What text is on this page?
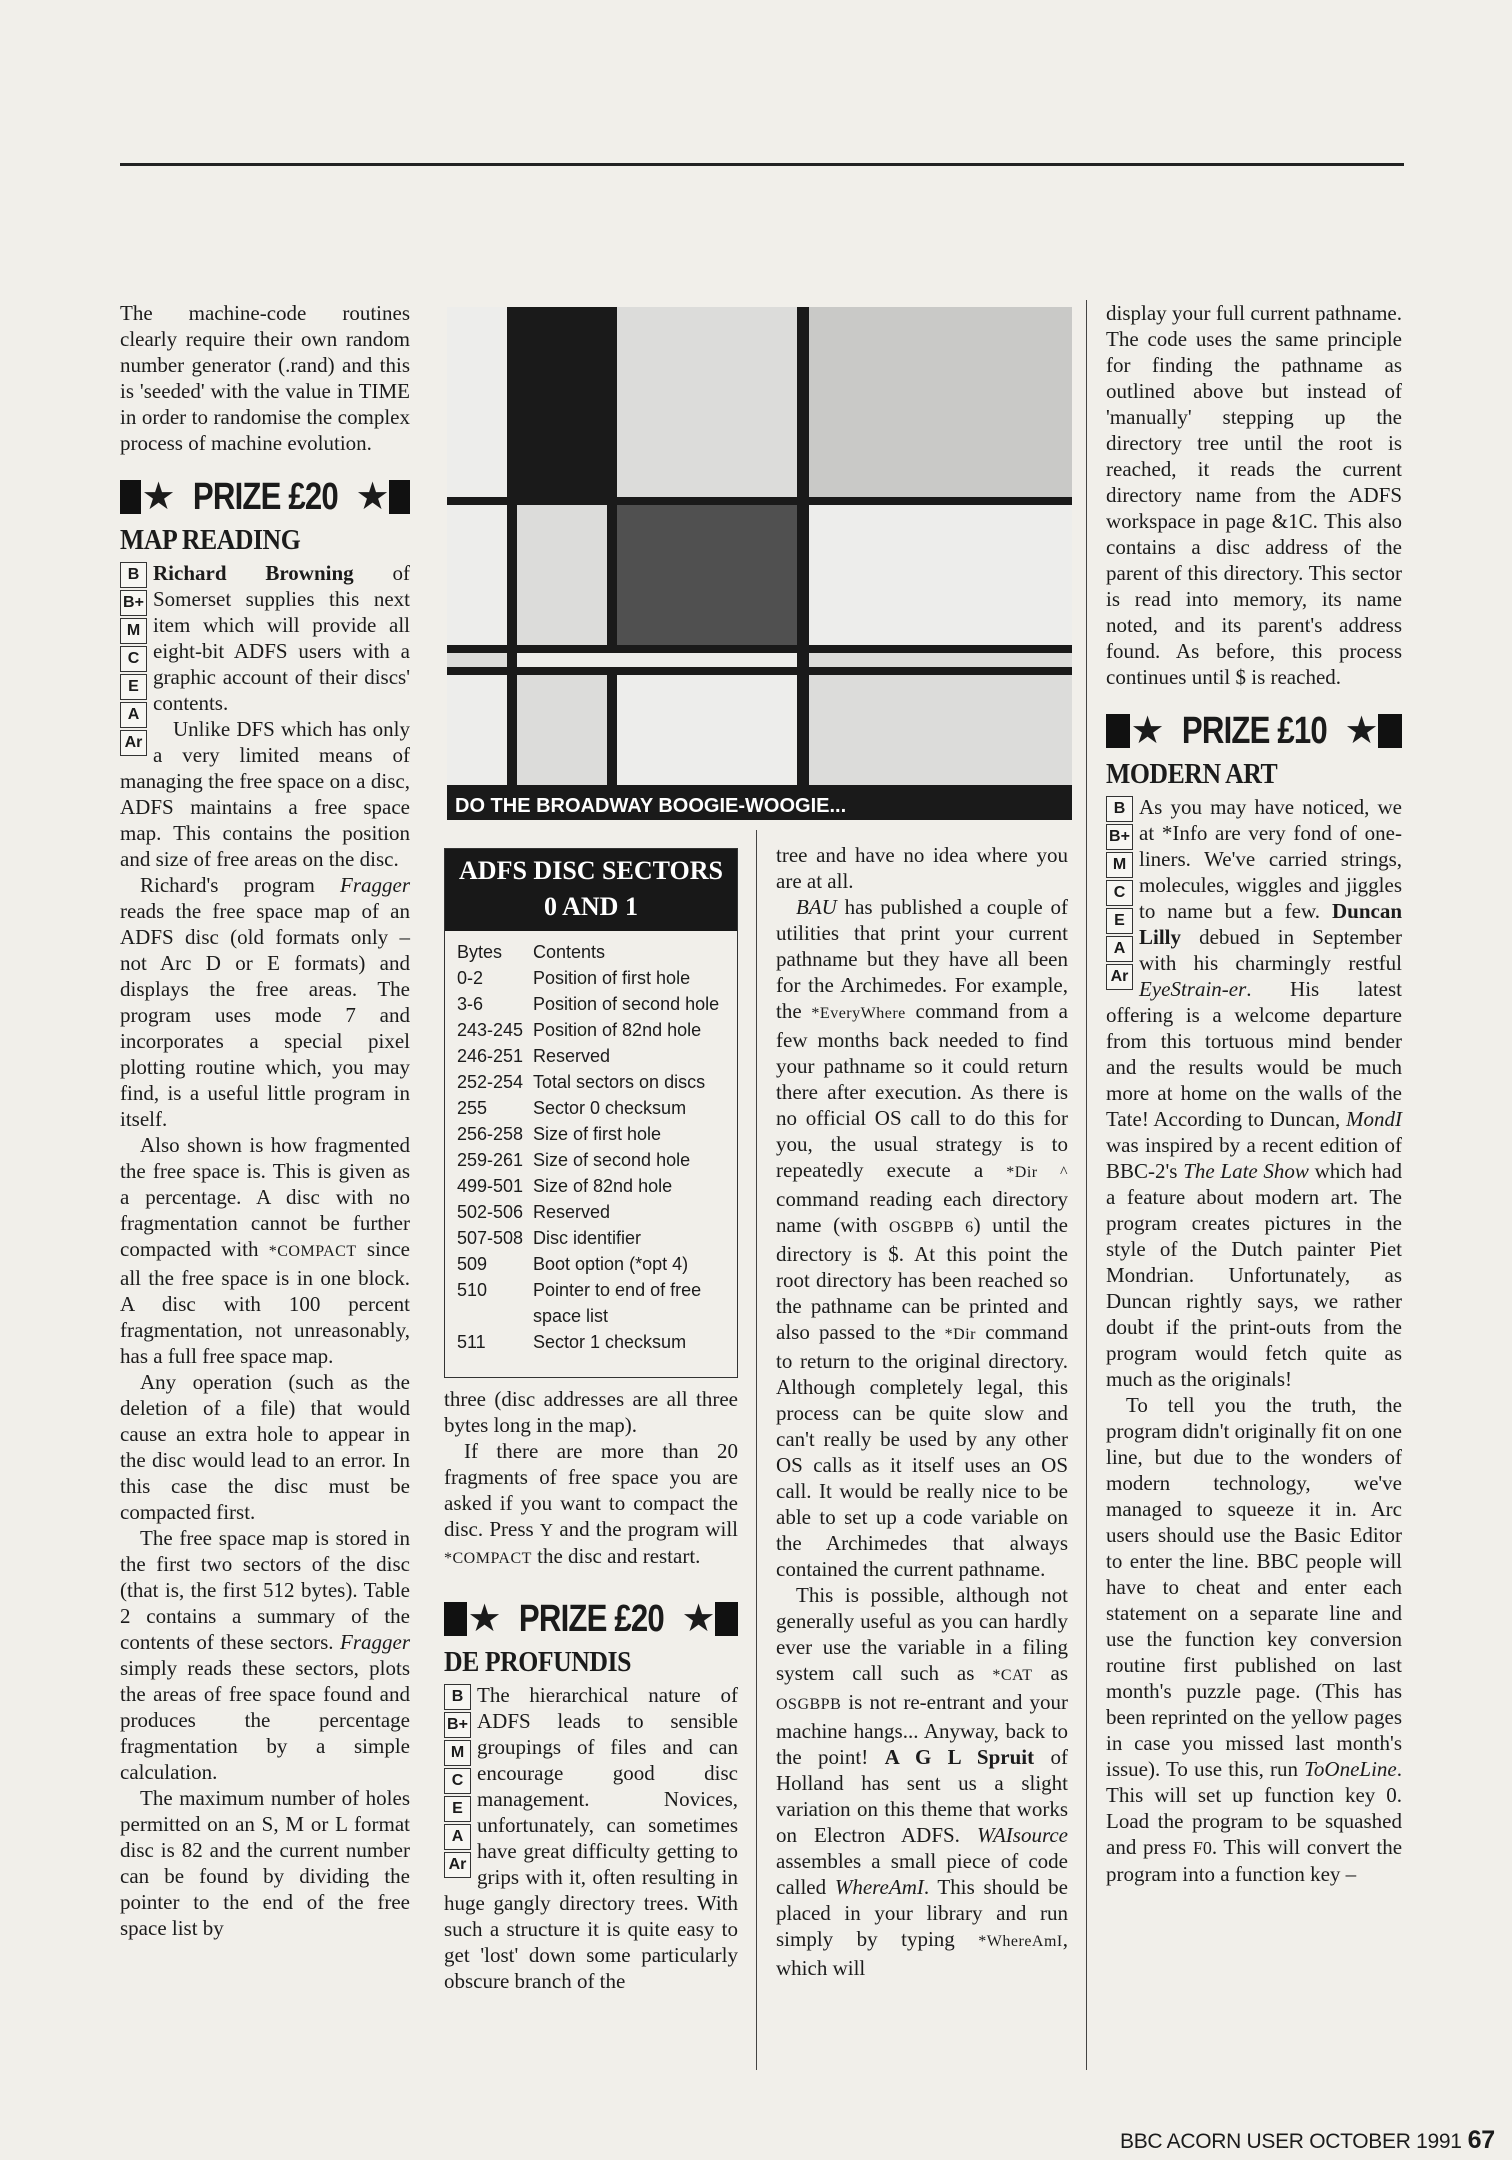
The machine-code routines clearly require their own random number generator (.rand) and this is 'seeded' with the value in TIME in order to randomise the complex process of machine evolution.

★ PRIZE £20 ★
MAP READING
B
B+
M
C
E
A
Ar

Richard Browning of Somerset supplies this next item which will provide all eight-bit ADFS users with a graphic account of their discs' contents.

Unlike DFS which has only a very limited means of managing the free space on a disc, ADFS maintains a free space map. This contains the position and size of free areas on the disc.

Richard's program Fragger reads the free space map of an ADFS disc (old formats only – not Arc D or E formats) and displays the free areas. The program uses mode 7 and incorporates a special pixel plotting routine which, you may find, is a useful little program in itself.

Also shown is how fragmented the free space is. This is given as a percentage. A disc with no fragmentation cannot be further compacted with *COMPACT since all the free space is in one block. A disc with 100 percent fragmentation, not unreasonably, has a full free space map.

Any operation (such as the deletion of a file) that would cause an extra hole to appear in the disc would lead to an error. In this case the disc must be compacted first.

The free space map is stored in the first two sectors of the disc (that is, the first 512 bytes). Table 2 contains a summary of the contents of these sectors. Fragger simply reads these sectors, plots the areas of free space found and produces the percentage fragmentation by a simple calculation.

The maximum number of holes permitted on an S, M or L format disc is 82 and the current number can be found by dividing the pointer to the end of the free space list by

DO THE BROADWAY BOOGIE-WOOGIE...
ADFS DISC SECTORS
0 AND 1
Bytes	Contents
0-2	Position of first hole
3-6	Position of second hole
243-245 Position of 82nd hole
246-251 Reserved
252-254 Total sectors on discs
255	Sector 0 checksum
256-258 Size of first hole
259-261 Size of second hole
499-501 Size of 82nd hole
502-506 Reserved
507-508 Disc identifier
509	Boot option (*opt 4)
510	Pointer to end of free space list
511	Sector 1 checksum

three (disc addresses are all three bytes long in the map).

If there are more than 20 fragments of free space you are asked if you want to compact the disc. Press Y and the program will *COMPACT the disc and restart.

★ PRIZE £20 ★
DE PROFUNDIS
B
B+
M
C
E
A
Ar

The hierarchical nature of ADFS leads to sensible groupings of files and can encourage good disc management. Novices, unfortunately, can sometimes have great difficulty getting to grips with it, often resulting in huge gangly directory trees. With such a structure it is quite easy to get 'lost' down some particularly obscure branch of the

tree and have no idea where you are at all.

BAU has published a couple of utilities that print your current pathname but they have all been for the Archimedes. For example, the *EveryWhere command from a few months back needed to find your pathname so it could return there after execution. As there is no official OS call to do this for you, the usual strategy is to repeatedly execute a *Dir ^ command reading each directory name (with OSGBPB 6) until the directory is $. At this point the root directory has been reached so the pathname can be printed and also passed to the *Dir command to return to the original directory. Although completely legal, this process can be quite slow and can't really be used by any other OS calls as it itself uses an OS call. It would be really nice to be able to set up a code variable on the Archimedes that always contained the current pathname.

This is possible, although not generally useful as you can hardly ever use the variable in a filing system call such as *CAT as OSGBPB is not re-entrant and your machine hangs... Anyway, back to the point! A G L Spruit of Holland has sent us a slight variation on this theme that works on Electron ADFS. WAIsource assembles a small piece of code called WhereAmI. This should be placed in your library and run simply by typing *WhereAmI, which will

display your full current pathname. The code uses the same principle for finding the pathname as outlined above but instead of 'manually' stepping up the directory tree until the root is reached, it reads the current directory name from the ADFS workspace in page &1C. This also contains a disc address of the parent of this directory. This sector is read into memory, its name noted, and its parent's address found. As before, this process continues until $ is reached.

★ PRIZE £10 ★
MODERN ART
B
B+
M
C
E
A
Ar

As you may have noticed, we at *Info are very fond of one-liners. We've carried strings, molecules, wiggles and jiggles to name but a few. Duncan Lilly debued in September with his charmingly restful EyeStrain-er. His latest offering is a welcome departure from this tortuous mind bender and the results would be much more at home on the walls of the Tate! According to Duncan, MondI was inspired by a recent edition of BBC-2's The Late Show which had a feature about modern art. The program creates pictures in the style of the Dutch painter Piet Mondrian. Unfortunately, as Duncan rightly says, we rather doubt if the print-outs from the program would fetch quite as much as the originals!

To tell you the truth, the program didn't originally fit on one line, but due to the wonders of modern technology, we've managed to squeeze it in. Arc users should use the Basic Editor to enter the line. BBC people will have to cheat and enter each statement on a separate line and use the function key conversion routine first published on last month's puzzle page. (This has been reprinted on the yellow pages in case you missed last month's issue). To use this, run ToOneLine. This will set up function key 0. Load the program to be squashed and press F0. This will convert the program into a function key –

BBC ACORN USER OCTOBER 1991 67
